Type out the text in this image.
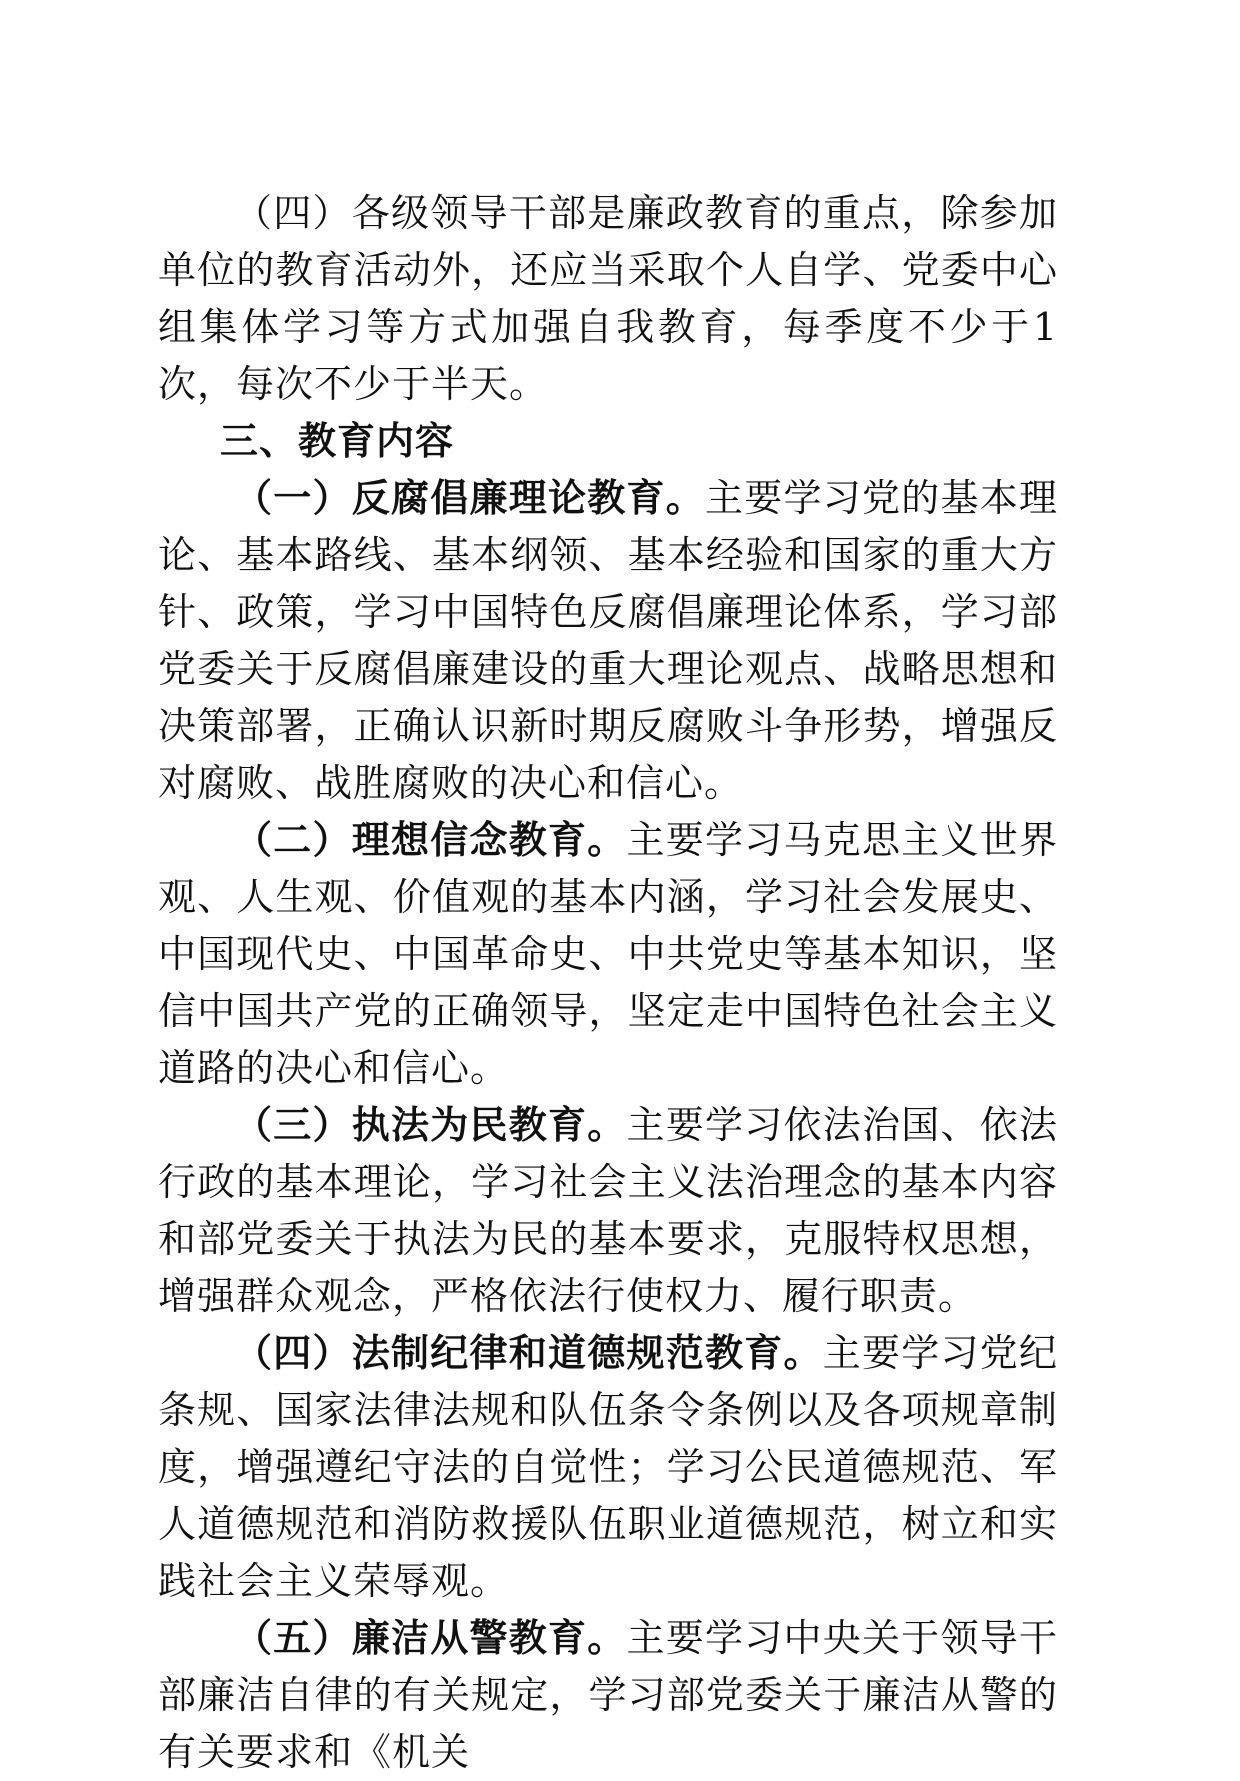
（四）各级领导干部是廉政教育的重点，除参加单位的教育活动外，还应当采取个人自学、党委中心组集体学习等方式加强自我教育，每季度不少于1次，每次不少于半天。

三、教育内容

（一）反腐倡廉理论教育。主要学习党的基本理论、基本路线、基本纲领、基本经验和国家的重大方针、政策，学习中国特色反腐倡廉理论体系，学习部党委关于反腐倡廉建设的重大理论观点、战略思想和决策部署，正确认识新时期反腐败斗争形势，增强反对腐败、战胜腐败的决心和信心。

（二）理想信念教育。主要学习马克思主义世界观、人生观、价值观的基本内涵，学习社会发展史、中国现代史、中国革命史、中共党史等基本知识，坚信中国共产党的正确领导，坚定走中国特色社会主义道路的决心和信心。

（三）执法为民教育。主要学习依法治国、依法行政的基本理论，学习社会主义法治理念的基本内容和部党委关于执法为民的基本要求，克服特权思想，增强群众观念，严格依法行使权力、履行职责。

（四）法制纪律和道德规范教育。主要学习党纪条规、国家法律法规和队伍条令条例以及各项规章制度，增强遵纪守法的自觉性；学习公民道德规范、军人道德规范和消防救援队伍职业道德规范，树立和实践社会主义荣辱观。

（五）廉洁从警教育。主要学习中央关于领导干部廉洁自律的有关规定，学习部党委关于廉洁从警的有关要求和《机关
